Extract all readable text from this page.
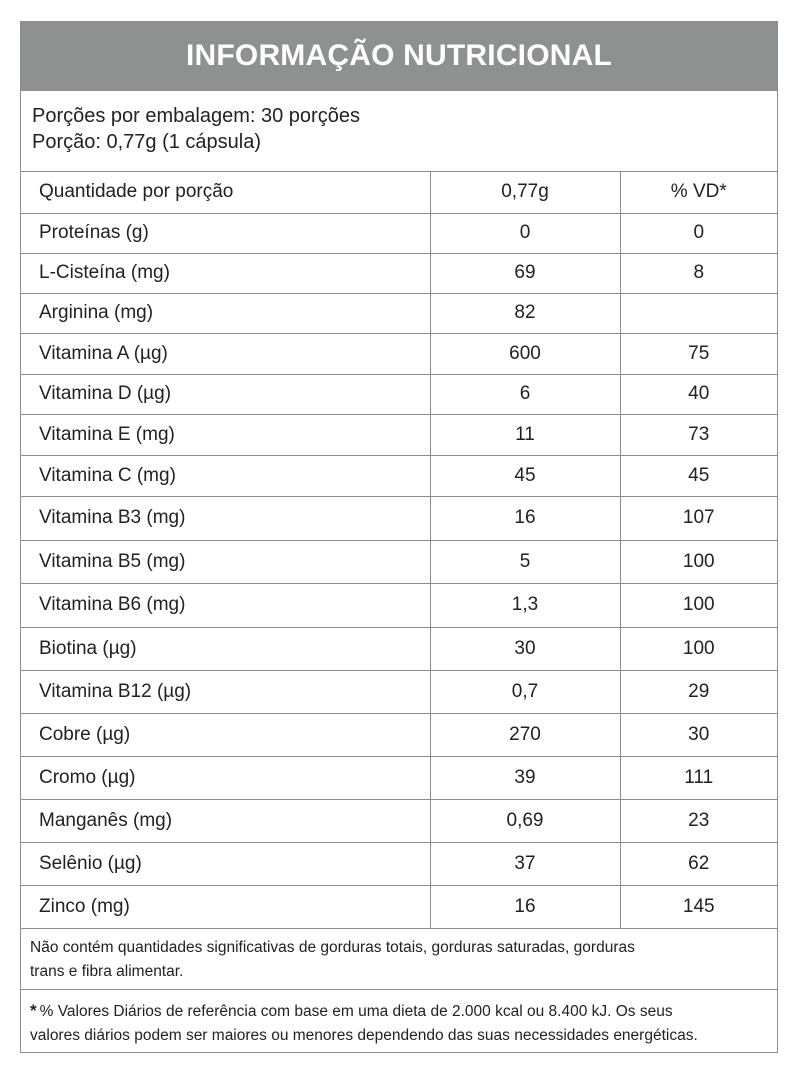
INFORMAÇÃO NUTRICIONAL
Porções por embalagem: 30 porções
Porção: 0,77g (1 cápsula)
Quantidade por porção	0,77g	% VD*
Proteínas (g)	0	0
L-Cisteína (mg)	69	8
Arginina (mg)	82	
Vitamina A (µg)	600	75
Vitamina D (µg)	6	40
Vitamina E (mg)	11	73
Vitamina C (mg)	45	45
Vitamina B3 (mg)	16	107
Vitamina B5 (mg)	5	100
Vitamina B6 (mg)	1,3	100
Biotina (µg)	30	100
Vitamina B12 (µg)	0,7	29
Cobre (µg)	270	30
Cromo (µg)	39	111
Manganês (mg)	0,69	23
Selênio (µg)	37	62
Zinco (mg)	16	145
Não contém quantidades significativas de gorduras totais, gorduras saturadas, gorduras
trans e fibra alimentar.
* % Valores Diários de referência com base em uma dieta de 2.000 kcal ou 8.400 kJ. Os seus
valores diários podem ser maiores ou menores dependendo das suas necessidades energéticas.
